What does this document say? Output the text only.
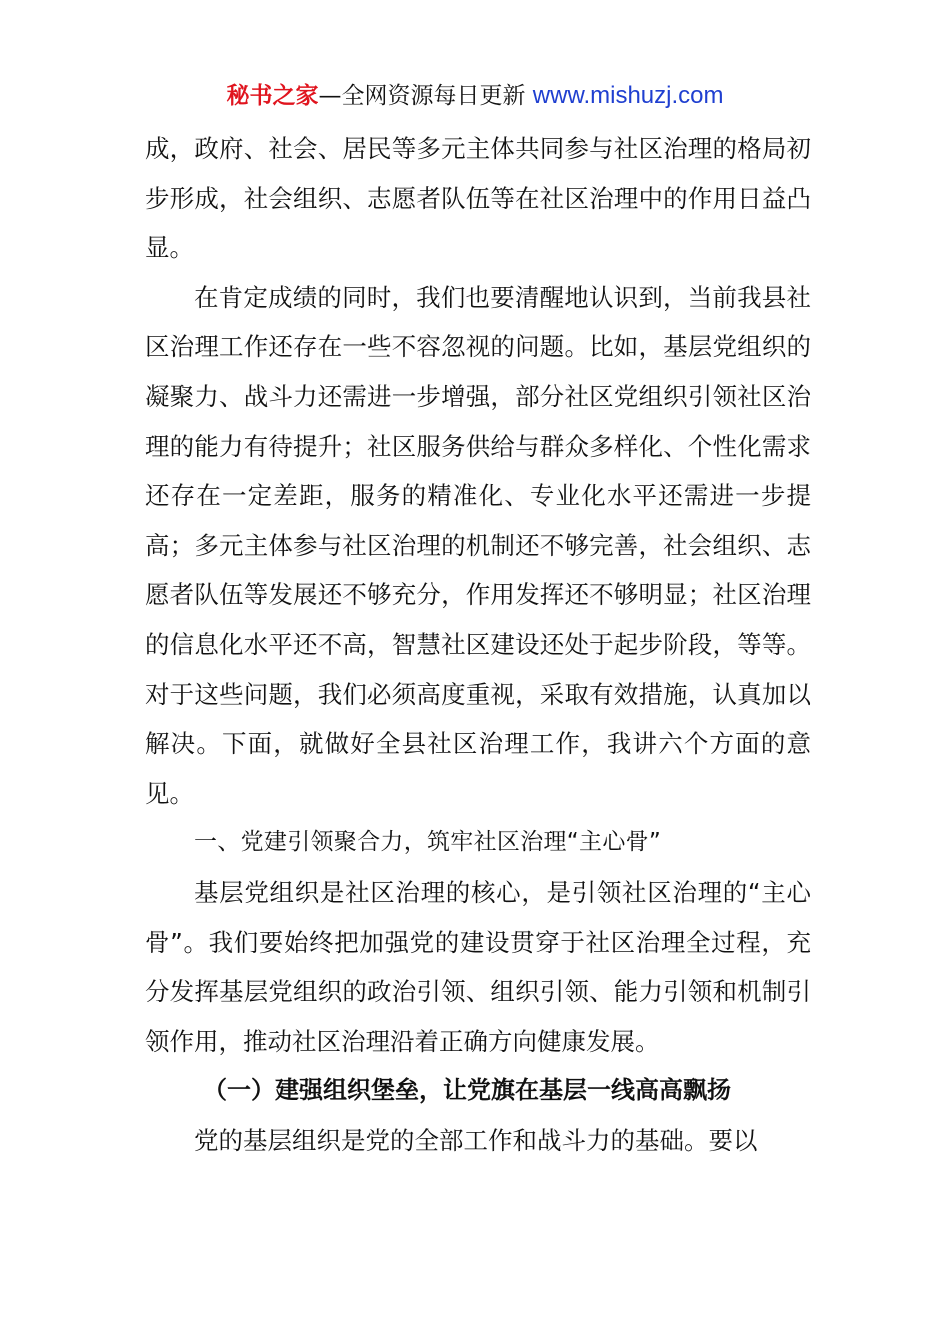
秘书之家—全网资源每日更新 www.mishuzj.com

成，政府、社会、居民等多元主体共同参与社区治理的格局初步形成，社会组织、志愿者队伍等在社区治理中的作用日益凸显。

在肯定成绩的同时，我们也要清醒地认识到，当前我县社区治理工作还存在一些不容忽视的问题。比如，基层党组织的凝聚力、战斗力还需进一步增强，部分社区党组织引领社区治理的能力有待提升；社区服务供给与群众多样化、个性化需求还存在一定差距，服务的精准化、专业化水平还需进一步提高；多元主体参与社区治理的机制还不够完善，社会组织、志愿者队伍等发展还不够充分，作用发挥还不够明显；社区治理的信息化水平还不高，智慧社区建设还处于起步阶段，等等。对于这些问题，我们必须高度重视，采取有效措施，认真加以解决。下面，就做好全县社区治理工作，我讲六个方面的意见。

一、党建引领聚合力，筑牢社区治理“主心骨”

基层党组织是社区治理的核心，是引领社区治理的“主心骨”。我们要始终把加强党的建设贯穿于社区治理全过程，充分发挥基层党组织的政治引领、组织引领、能力引领和机制引领作用，推动社区治理沿着正确方向健康发展。

（一）建强组织堡垒，让党旗在基层一线高高飘扬

党的基层组织是党的全部工作和战斗力的基础。要以
